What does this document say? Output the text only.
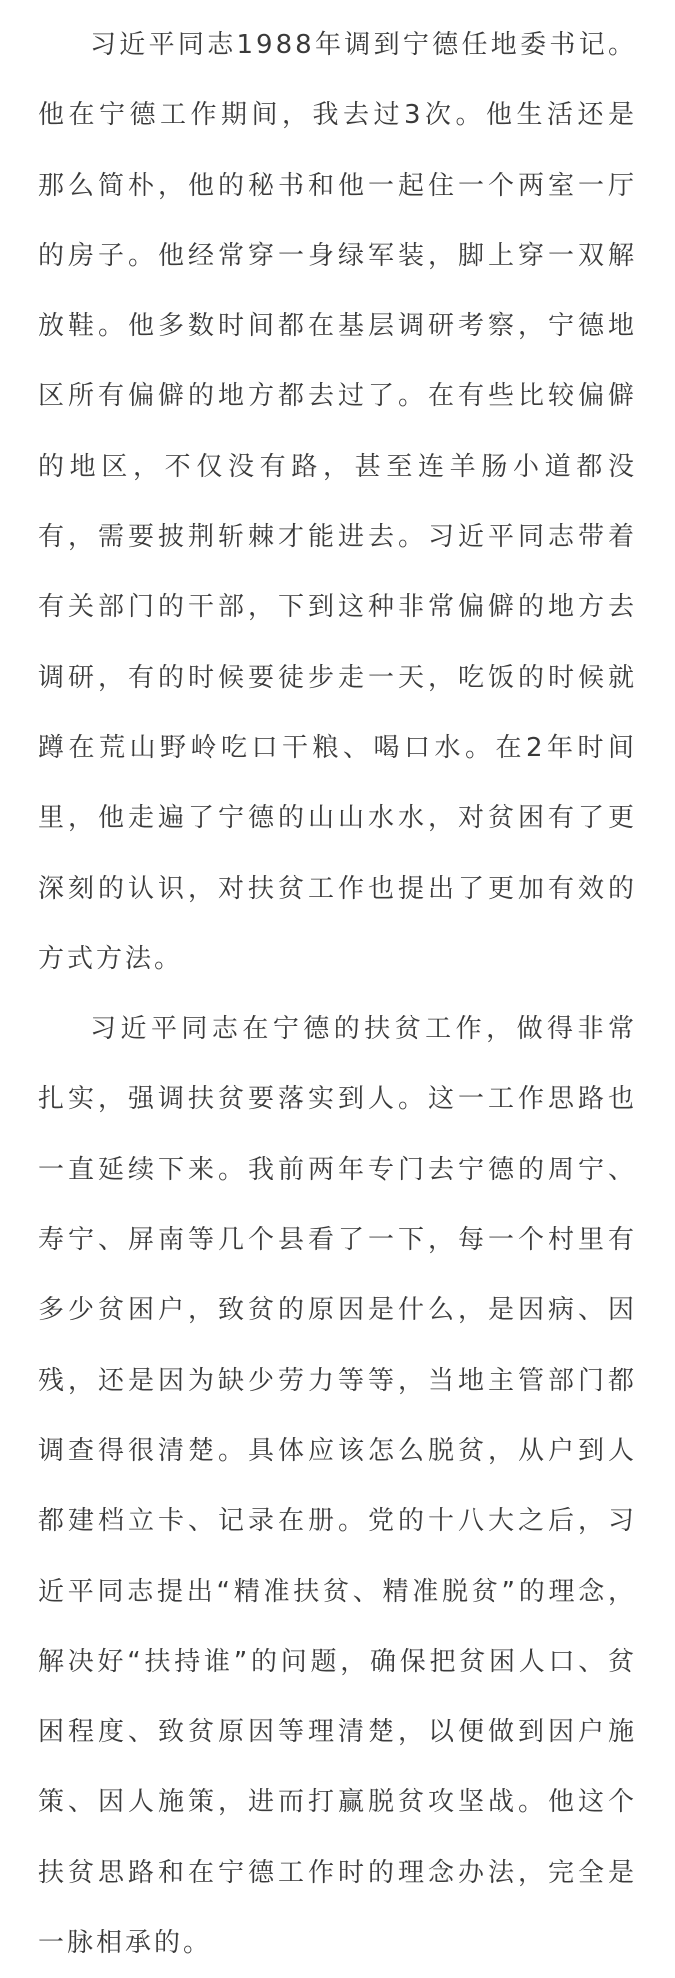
习近平同志1988年调到宁德任地委书记。他在宁德工作期间，我去过3次。他生活还是那么简朴，他的秘书和他一起住一个两室一厅的房子。他经常穿一身绿军装，脚上穿一双解放鞋。他多数时间都在基层调研考察，宁德地区所有偏僻的地方都去过了。在有些比较偏僻的地区，不仅没有路，甚至连羊肠小道都没有，需要披荆斩棘才能进去。习近平同志带着有关部门的干部，下到这种非常偏僻的地方去调研，有的时候要徒步走一天，吃饭的时候就蹲在荒山野岭吃口干粮、喝口水。在2年时间里，他走遍了宁德的山山水水，对贫困有了更深刻的认识，对扶贫工作也提出了更加有效的方式方法。

习近平同志在宁德的扶贫工作，做得非常扎实，强调扶贫要落实到人。这一工作思路也一直延续下来。我前两年专门去宁德的周宁、寿宁、屏南等几个县看了一下，每一个村里有多少贫困户，致贫的原因是什么，是因病、因残，还是因为缺少劳力等等，当地主管部门都调查得很清楚。具体应该怎么脱贫，从户到人都建档立卡、记录在册。党的十八大之后，习近平同志提出“精准扶贫、精准脱贫”的理念，解决好“扶持谁”的问题，确保把贫困人口、贫困程度、致贫原因等理清楚，以便做到因户施策、因人施策，进而打赢脱贫攻坚战。他这个扶贫思路和在宁德工作时的理念办法，完全是一脉相承的。
